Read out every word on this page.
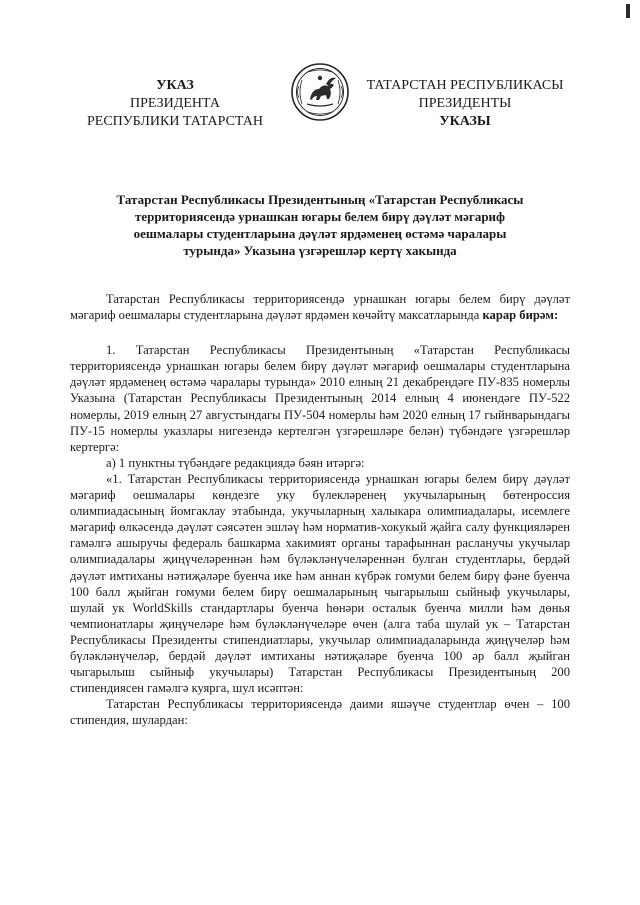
УКАЗ
ПРЕЗИДЕНТА
РЕСПУБЛИКИ ТАТАРСТАН
ТАТАРСТАН РЕСПУБЛИКАСЫ
ПРЕЗИДЕНТЫ
УКАЗЫ
Татарстан Республикасы Президентының «Татарстан Республикасы
территориясендә урнашкан югары белем бирү дәүләт мәгариф
оешмалары студентларына дәүләт ярдәменең өстәмә чаралары
турында» Указына үзгәрешләр кертү хакында

Татарстан Республикасы территориясендә урнашкан югары белем бирү дәүләт мәгариф оешмалары студентларына дәүләт ярдәмен көчәйтү максатларында карар бирәм:

1. Татарстан Республикасы Президентының «Татарстан Республикасы территориясендә урнашкан югары белем бирү дәүләт мәгариф оешмалары студентларына дәүләт ярдәменең өстәмә чаралары турында» 2010 елның 21 декабрендәге ПУ-835 номерлы Указына (Татарстан Республикасы Президентының 2014 елның 4 июнендәге ПУ-522 номерлы, 2019 елның 27 августындагы ПУ-504 номерлы һәм 2020 елның 17 гыйнварындагы ПУ-15 номерлы указлары нигезендә кертелгән үзгәрешләре белән) түбәндәге үзгәрешләр кертергә:

а) 1 пунктны түбәндәге редакциядә бәян итәргә:

«1. Татарстан Республикасы территориясендә урнашкан югары белем бирү дәүләт мәгариф оешмалары көндезге уку бүлекләренең укучыларының бөтенроссия олимпиадасының йомгаклау этабында, укучыларның халыкара олимпиадалары, исемлеге мәгариф өлкәсендә дәүләт сәясәтен эшләү һәм норматив-хокукый җайга салу функцияләрен гамәлгә ашыручы федераль башкарма хакимият органы тарафыннан расланучы укучылар олимпиадалары җиңүчеләреннән һәм бүләкләнүчеләреннән булган студентлары, бердәй дәүләт имтиханы нәтиҗәләре буенча ике һәм аннан күбрәк гомуми белем бирү фәне буенча 100 балл җыйган гомуми белем бирү оешмаларының чыгарылыш сыйныф укучылары, шулай ук WorldSkills стандартлары буенча һөнәри осталык буенча милли һәм дөнья чемпионатлары җиңүчеләре һәм бүләкләнүчеләре өчен (алга таба шулай ук – Татарстан Республикасы Президенты стипендиатлары, укучылар олимпиадаларында җиңүчеләр һәм бүләкләнүчеләр, бердәй дәүләт имтиханы нәтиҗәләре буенча 100 әр балл җыйган чыгарылыш сыйныф укучылары) Татарстан Республикасы Президентының 200 стипендиясен гамәлгә куярга, шул исәптән:

Татарстан Республикасы территориясендә даими яшәүче студентлар өчен – 100 стипендия, шулардан:
